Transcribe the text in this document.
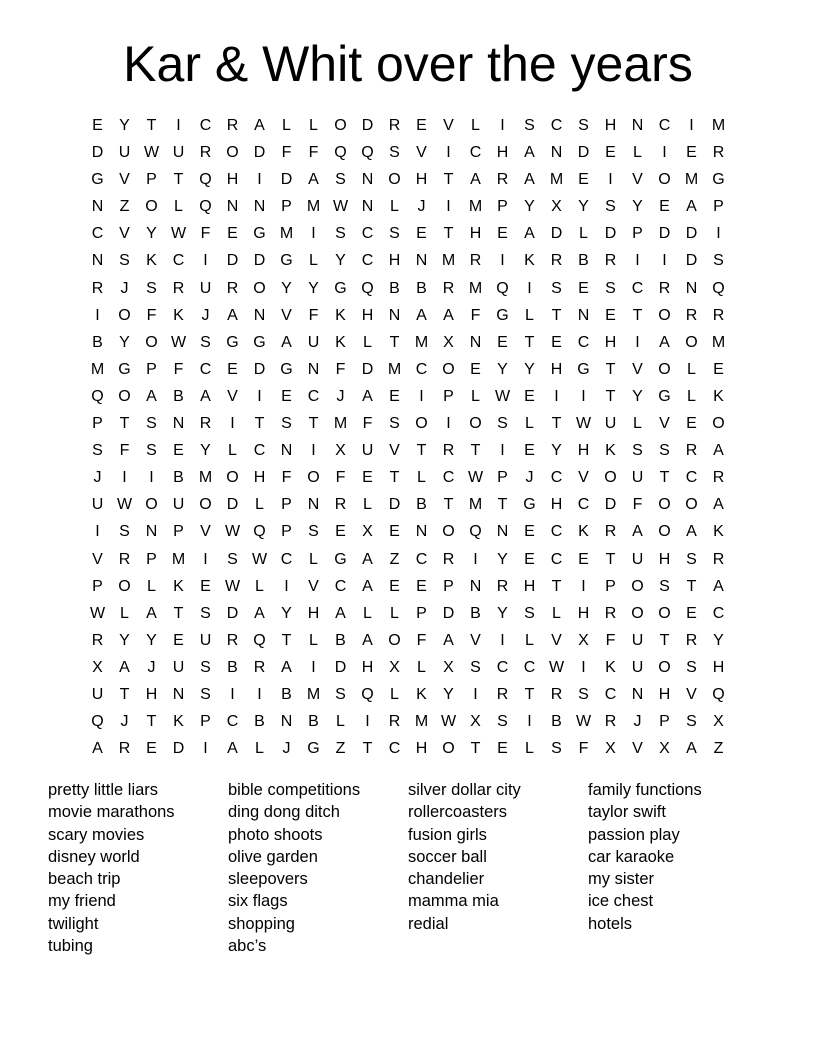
Kar & Whit over the years
E	Y	T	I	C R A	L	L	O D R E	V	L	I	S C S H N C	I	M
D U W U R O D	F	F Q Q S	V	I	C H A N D E	L	I	E R
G V	P	T Q H	I	D A	S N O H	T	A R A M E	I	V O M G
N	Z O	L	Q N N P M W N	L	J	I	M P	Y	X	Y	S	Y	E	A	P
C V	Y W F	E G M	I	S C S	E	T	H E	A D	L	D P D D	I
N S	K C	I	D D G	L	Y C H N M R	I	K R B R	I	I	D S
R	J	S R U R O Y	Y G Q B	B R M Q	I	S	E	S C R N Q
I	O F	K	J	A N V	F	K H N A	A	F G	L	T	N E	T O R R
B	Y O W S G G A U K	L	T M X N E	T	E C H	I	A O M
M G P	F	C E D G N	F	D M C O E	Y	Y H G T	V O	L	E
Q O A	B	A	V	I	E C	J	A	E	I	P	L W E	I	I	T	Y G	L	K
P	T	S N R	I	T	S	T M F	S O	I	O S	L	T W U	L	V	E O
S	F	S	E	Y	L	C N	I	X U V	T	R	T	I	E	Y H K	S	S R A
J	I	I	B M O H	F O F	E	T	L	C W P	J	C V O U	T	C R
U W O U O D	L	P N R	L	D B	T M T G H C D	F O O A
I	S N P	V W Q P	S	E	X	E N O Q N E C K R A O A	K
V R P M	I	S W C	L	G A	Z	C R	I	Y	E C E	T	U H S R
P O	L	K	E W L	I	V C A	E	E	P N R H	T	I	P O S	T	A
W L	A	T	S D A	Y H A	L	L	P D B	Y	S	L	H R O O E C
R Y	Y	E U R Q T	L	B	A O F	A	V	I	L	V	X	F	U	T	R Y
X	A	J	U S	B R A	I	D H X	L	X	S C C W	I	K U O S H
U	T	H N S	I	I	B M S Q	L	K	Y	I	R	T	R S C N H V Q
Q	J	T	K	P C B N B	L	I	R M W X	S	I	B W R	J	P	S	X
A R E D	I	A	L	J	G Z	T	C H O T	E	L	S	F	X	V	X	A	Z
pretty little liars
movie marathons
scary movies
disney world
beach trip
my friend
twilight
tubing
bible competitions
ding dong ditch
photo shoots
olive garden
sleepovers
six flags
shopping
abc’s
silver dollar city
rollercoasters
fusion girls
soccer ball
chandelier
mamma mia
redial
family functions
taylor swift
passion play
car karaoke
my sister
ice chest
hotels
